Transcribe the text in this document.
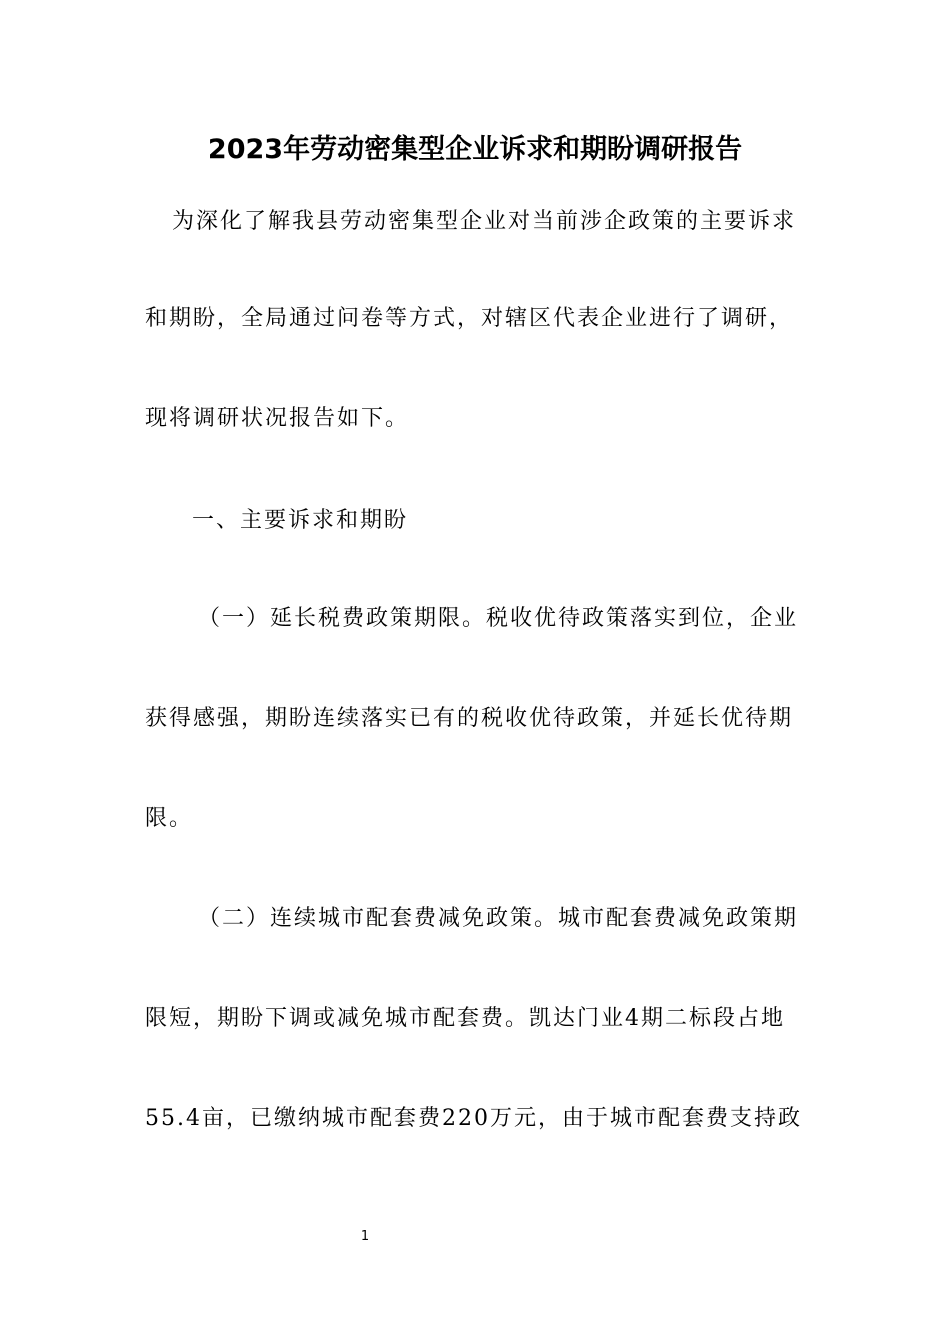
2023年劳动密集型企业诉求和期盼调研报告
为深化了解我县劳动密集型企业对当前涉企政策的主要诉求
和期盼，全局通过问卷等方式，对辖区代表企业进行了调研，
现将调研状况报告如下。
一、主要诉求和期盼
（一）延长税费政策期限。税收优待政策落实到位，企业
获得感强，期盼连续落实已有的税收优待政策，并延长优待期
限。
（二）连续城市配套费减免政策。城市配套费减免政策期
限短，期盼下调或减免城市配套费。凯达门业4期二标段占地
55.4亩，已缴纳城市配套费220万元，由于城市配套费支持政
1
